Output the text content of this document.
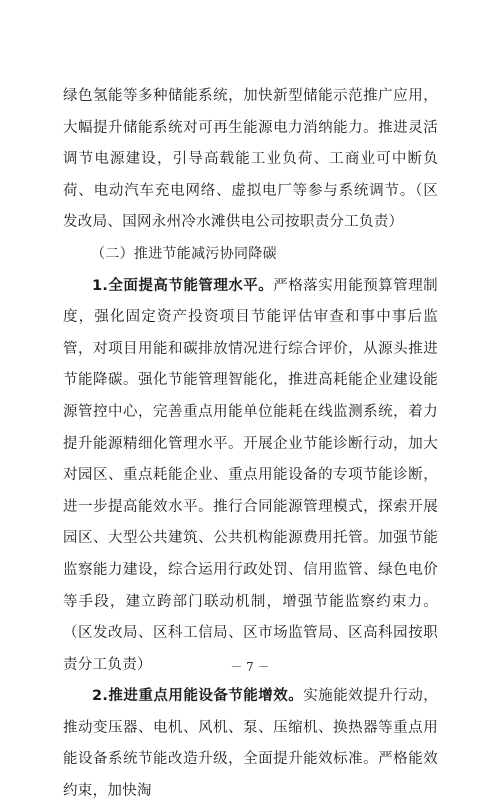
绿色氢能等多种储能系统，加快新型储能示范推广应用，大幅提升储能系统对可再生能源电力消纳能力。推进灵活调节电源建设，引导高载能工业负荷、工商业可中断负荷、电动汽车充电网络、虚拟电厂等参与系统调节。（区发改局、国网永州冷水滩供电公司按职责分工负责）

（二）推进节能减污协同降碳

1.全面提高节能管理水平。严格落实用能预算管理制度，强化固定资产投资项目节能评估审查和事中事后监管，对项目用能和碳排放情况进行综合评价，从源头推进节能降碳。强化节能管理智能化，推进高耗能企业建设能源管控中心，完善重点用能单位能耗在线监测系统，着力提升能源精细化管理水平。开展企业节能诊断行动，加大对园区、重点耗能企业、重点用能设备的专项节能诊断，进一步提高能效水平。推行合同能源管理模式，探索开展园区、大型公共建筑、公共机构能源费用托管。加强节能监察能力建设，综合运用行政处罚、信用监管、绿色电价等手段，建立跨部门联动机制，增强节能监察约束力。（区发改局、区科工信局、区市场监管局、区高科园按职责分工负责）

2.推进重点用能设备节能增效。实施能效提升行动，推动变压器、电机、风机、泵、压缩机、换热器等重点用能设备系统节能改造升级，全面提升能效标准。严格能效约束，加快淘

－ 7 －
